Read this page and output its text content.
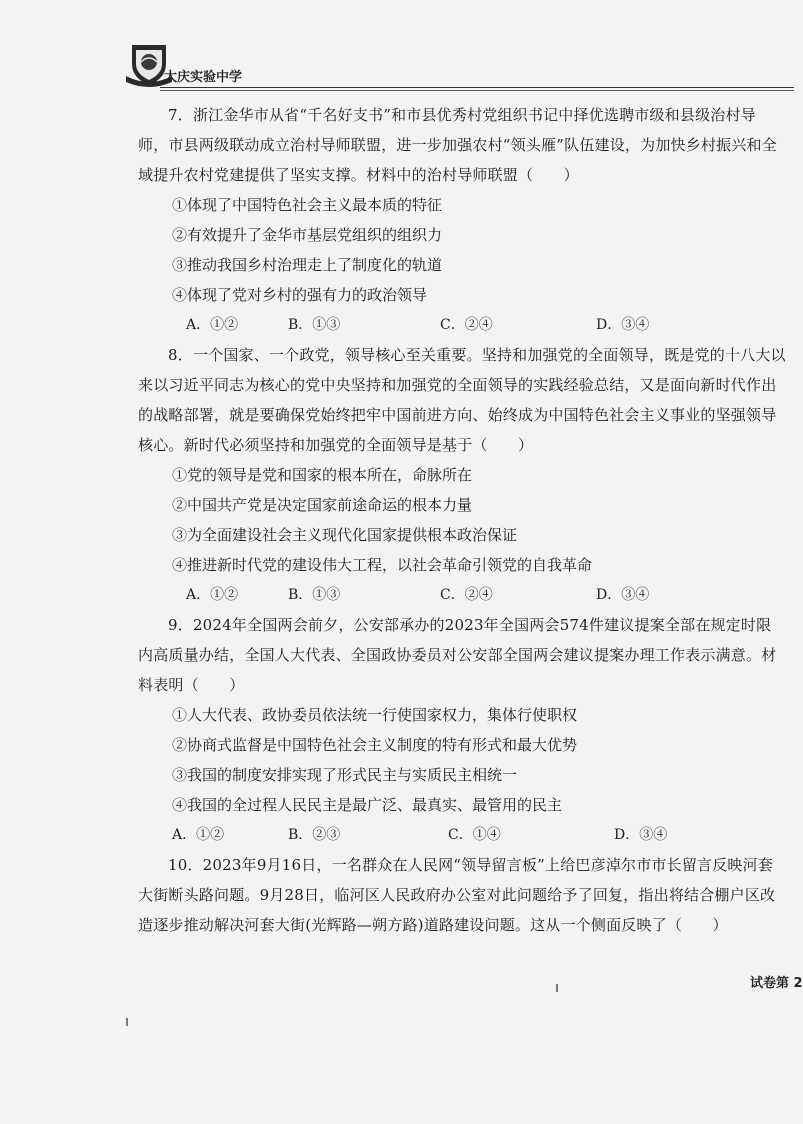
大庆实验中学

7．浙江金华市从省“千名好支书”和市县优秀村党组织书记中择优选聘市级和县级治村导师，市县两级联动成立治村导师联盟，进一步加强农村“领头雁”队伍建设，为加快乡村振兴和全域提升农村党建提供了坚实支撑。材料中的治村导师联盟（　　）

①体现了中国特色社会主义最本质的特征

②有效提升了金华市基层党组织的组织力

③推动我国乡村治理走上了制度化的轨道

④体现了党对乡村的强有力的政治领导

A．①②	B．①③	C．②④	D．③④

8．一个国家、一个政党，领导核心至关重要。坚持和加强党的全面领导，既是党的十八大以来以习近平同志为核心的党中央坚持和加强党的全面领导的实践经验总结，又是面向新时代作出的战略部署，就是要确保党始终把牢中国前进方向、始终成为中国特色社会主义事业的坚强领导核心。新时代必须坚持和加强党的全面领导是基于（　　）

①党的领导是党和国家的根本所在，命脉所在

②中国共产党是决定国家前途命运的根本力量

③为全面建设社会主义现代化国家提供根本政治保证

④推进新时代党的建设伟大工程，以社会革命引领党的自我革命

A．①②	B．①③	C．②④	D．③④

9．2024年全国两会前夕，公安部承办的2023年全国两会574件建议提案全部在规定时限内高质量办结，全国人大代表、全国政协委员对公安部全国两会建议提案办理工作表示满意。材料表明（　　）

①人大代表、政协委员依法统一行使国家权力，集体行使职权

②协商式监督是中国特色社会主义制度的特有形式和最大优势

③我国的制度安排实现了形式民主与实质民主相统一

④我国的全过程人民民主是最广泛、最真实、最管用的民主

A．①②	B．②③	C．①④	D．③④

10．2023年9月16日，一名群众在人民网“领导留言板”上给巴彦淖尔市市长留言反映河套大街断头路问题。9月28日，临河区人民政府办公室对此问题给予了回复，指出将结合棚户区改造逐步推动解决河套大街(光辉路—朔方路)道路建设问题。这从一个侧面反映了（　　）

试卷第 2
